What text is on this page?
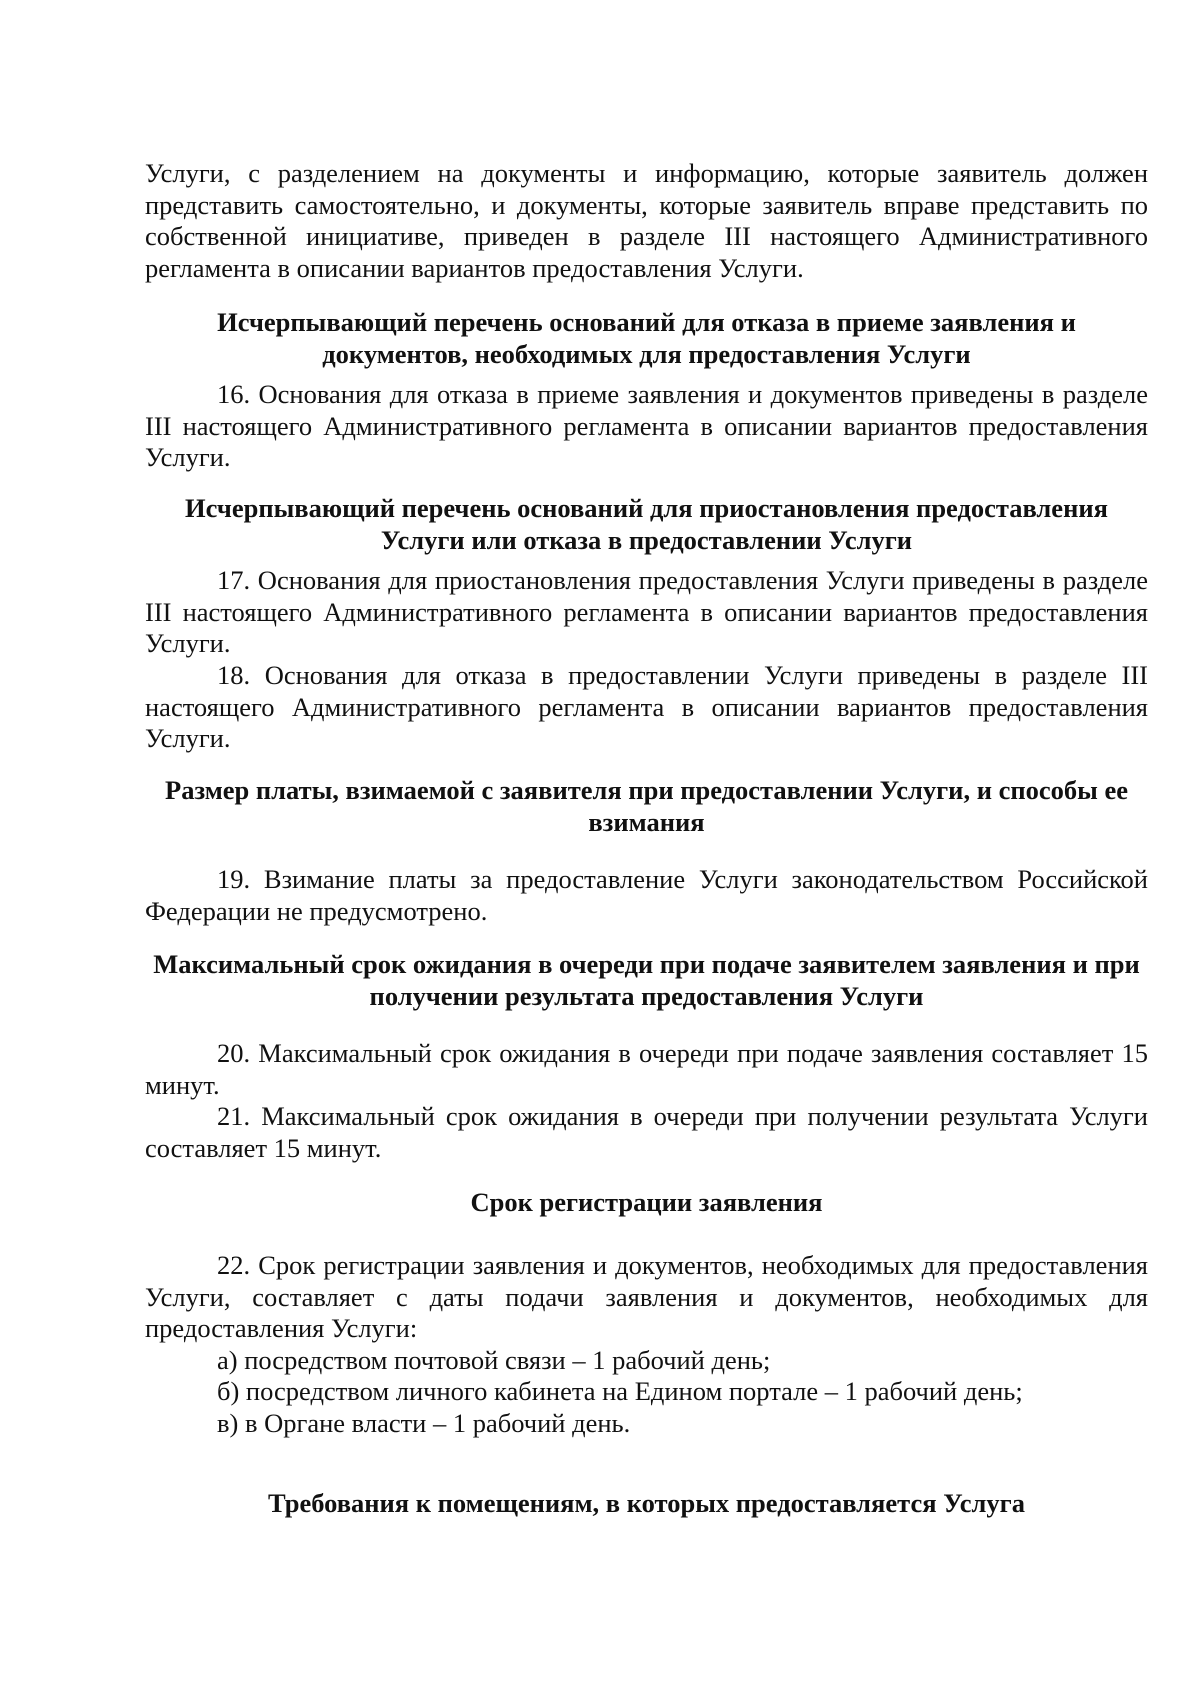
Услуги, с разделением на документы и информацию, которые заявитель должен представить самостоятельно, и документы, которые заявитель вправе представить по собственной инициативе, приведен в разделе III настоящего Административного регламента в описании вариантов предоставления Услуги.

Исчерпывающий перечень оснований для отказа в приеме заявления и документов, необходимых для предоставления Услуги

16. Основания для отказа в приеме заявления и документов приведены в разделе III настоящего Административного регламента в описании вариантов предоставления Услуги.

Исчерпывающий перечень оснований для приостановления предоставления Услуги или отказа в предоставлении Услуги

17. Основания для приостановления предоставления Услуги приведены в разделе III настоящего Административного регламента в описании вариантов предоставления Услуги.

18. Основания для отказа в предоставлении Услуги приведены в разделе III настоящего Административного регламента в описании вариантов предоставления Услуги.

Размер платы, взимаемой с заявителя при предоставлении Услуги, и способы ее взимания

19. Взимание платы за предоставление Услуги законодательством Российской Федерации не предусмотрено.

Максимальный срок ожидания в очереди при подаче заявителем заявления и при получении результата предоставления Услуги

20. Максимальный срок ожидания в очереди при подаче заявления составляет 15 минут.

21. Максимальный срок ожидания в очереди при получении результата Услуги составляет 15 минут.

Срок регистрации заявления

22. Срок регистрации заявления и документов, необходимых для предоставления Услуги, составляет с даты подачи заявления и документов, необходимых для предоставления Услуги:

а) посредством почтовой связи – 1 рабочий день;
б) посредством личного кабинета на Едином портале – 1 рабочий день;
в) в Органе власти – 1 рабочий день.
Требования к помещениям, в которых предоставляется Услуга
